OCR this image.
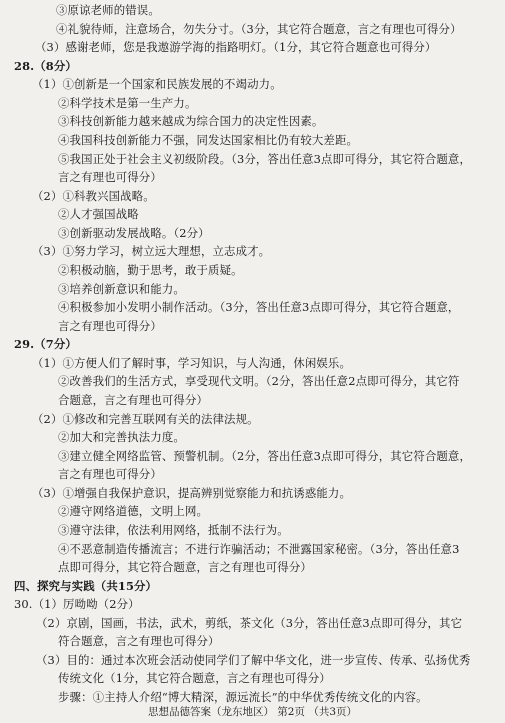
③原谅老师的错误。
④礼貌待师，注意场合，勿失分寸。（3分，其它符合题意，言之有理也可得分）
（3）感谢老师，您是我遨游学海的指路明灯。（1分，其它符合题意也可得分）
28.（8分）
（1）①创新是一个国家和民族发展的不竭动力。
②科学技术是第一生产力。
③科技创新能力越来越成为综合国力的决定性因素。
④我国科技创新能力不强，同发达国家相比仍有较大差距。
⑤我国正处于社会主义初级阶段。（3分，答出任意3点即可得分，其它符合题意，
言之有理也可得分）
（2）①科教兴国战略。
②人才强国战略
③创新驱动发展战略。（2分）
（3）①努力学习，树立远大理想，立志成才。
②积极动脑，勤于思考，敢于质疑。
③培养创新意识和能力。
④积极参加小发明小制作活动。（3分，答出任意3点即可得分，其它符合题意，
言之有理也可得分）
29.（7分）
（1）①方便人们了解时事，学习知识，与人沟通，休闲娱乐。
②改善我们的生活方式，享受现代文明。（2分，答出任意2点即可得分，其它符
合题意，言之有理也可得分）
（2）①修改和完善互联网有关的法律法规。
②加大和完善执法力度。
③建立健全网络监管、预警机制。（2分，答出任意3点即可得分，其它符合题意，
言之有理也可得分）
（3）①增强自我保护意识，提高辨别觉察能力和抗诱惑能力。
②遵守网络道德，文明上网。
③遵守法律，依法利用网络，抵制不法行为。
④不恶意制造传播流言；不进行诈骗活动；不泄露国家秘密。（3分，答出任意3
点即可得分，其它符合题意，言之有理也可得分）
四、探究与实践（共15分）
30.（1）厉呦呦（2分）
（2）京剧，国画，书法，武术，剪纸，茶文化（3分，答出任意3点即可得分，其它
符合题意，言之有理也可得分）
（3）目的：通过本次班会活动使同学们了解中华文化，进一步宣传、传承、弘扬优秀
传统文化（1分，其它符合题意，言之有理也可得分）
步骤：①主持人介绍“博大精深，源远流长”的中华优秀传统文化的内容。
思想品德答案（龙东地区） 第2页 （共3页）
